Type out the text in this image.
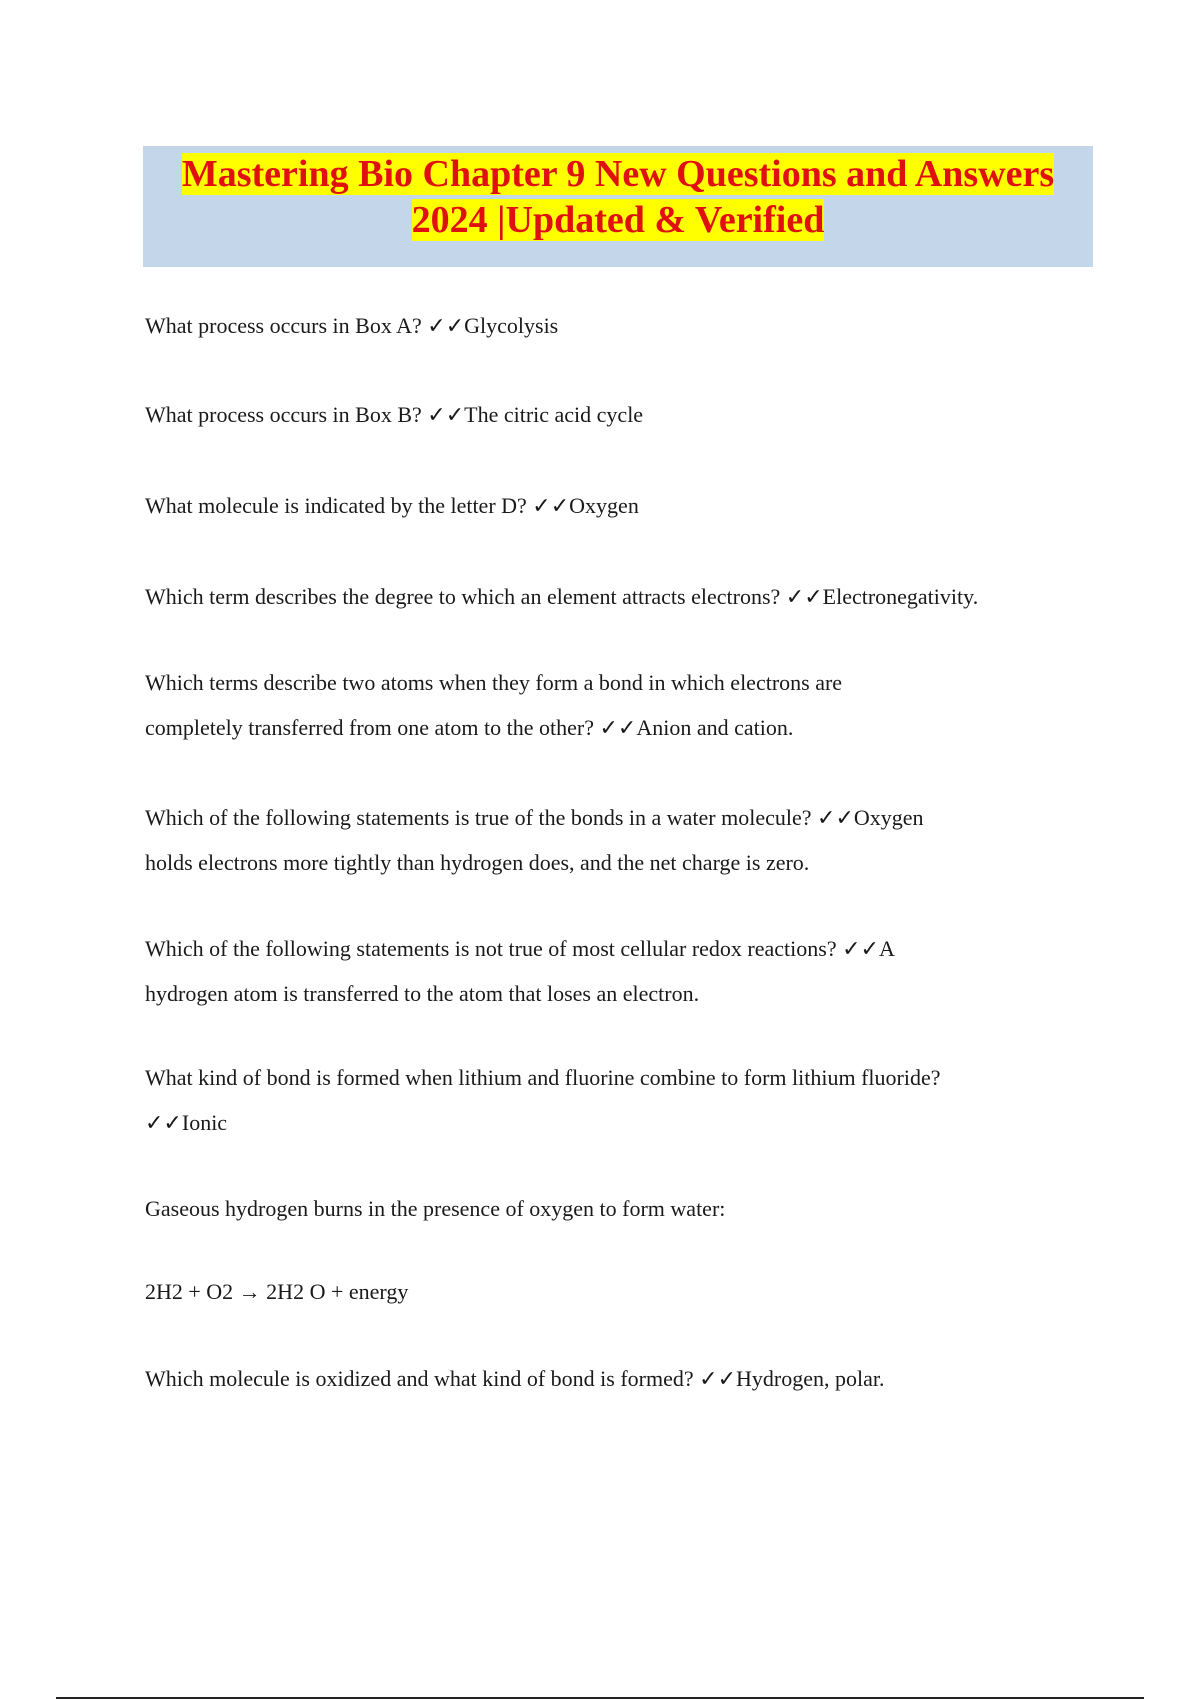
Mastering Bio Chapter 9 New Questions and Answers
2024 |Updated & Verified
What process occurs in Box A? ✓✓Glycolysis
What process occurs in Box B? ✓✓The citric acid cycle
What molecule is indicated by the letter D? ✓✓Oxygen
Which term describes the degree to which an element attracts electrons? ✓✓Electronegativity.
Which terms describe two atoms when they form a bond in which electrons are
completely transferred from one atom to the other? ✓✓Anion and cation.
Which of the following statements is true of the bonds in a water molecule? ✓✓Oxygen
holds electrons more tightly than hydrogen does, and the net charge is zero.
Which of the following statements is not true of most cellular redox reactions? ✓✓A
hydrogen atom is transferred to the atom that loses an electron.
What kind of bond is formed when lithium and fluorine combine to form lithium fluoride?
✓✓Ionic
Gaseous hydrogen burns in the presence of oxygen to form water:
2H2 + O2 → 2H2 O + energy
Which molecule is oxidized and what kind of bond is formed? ✓✓Hydrogen, polar.
